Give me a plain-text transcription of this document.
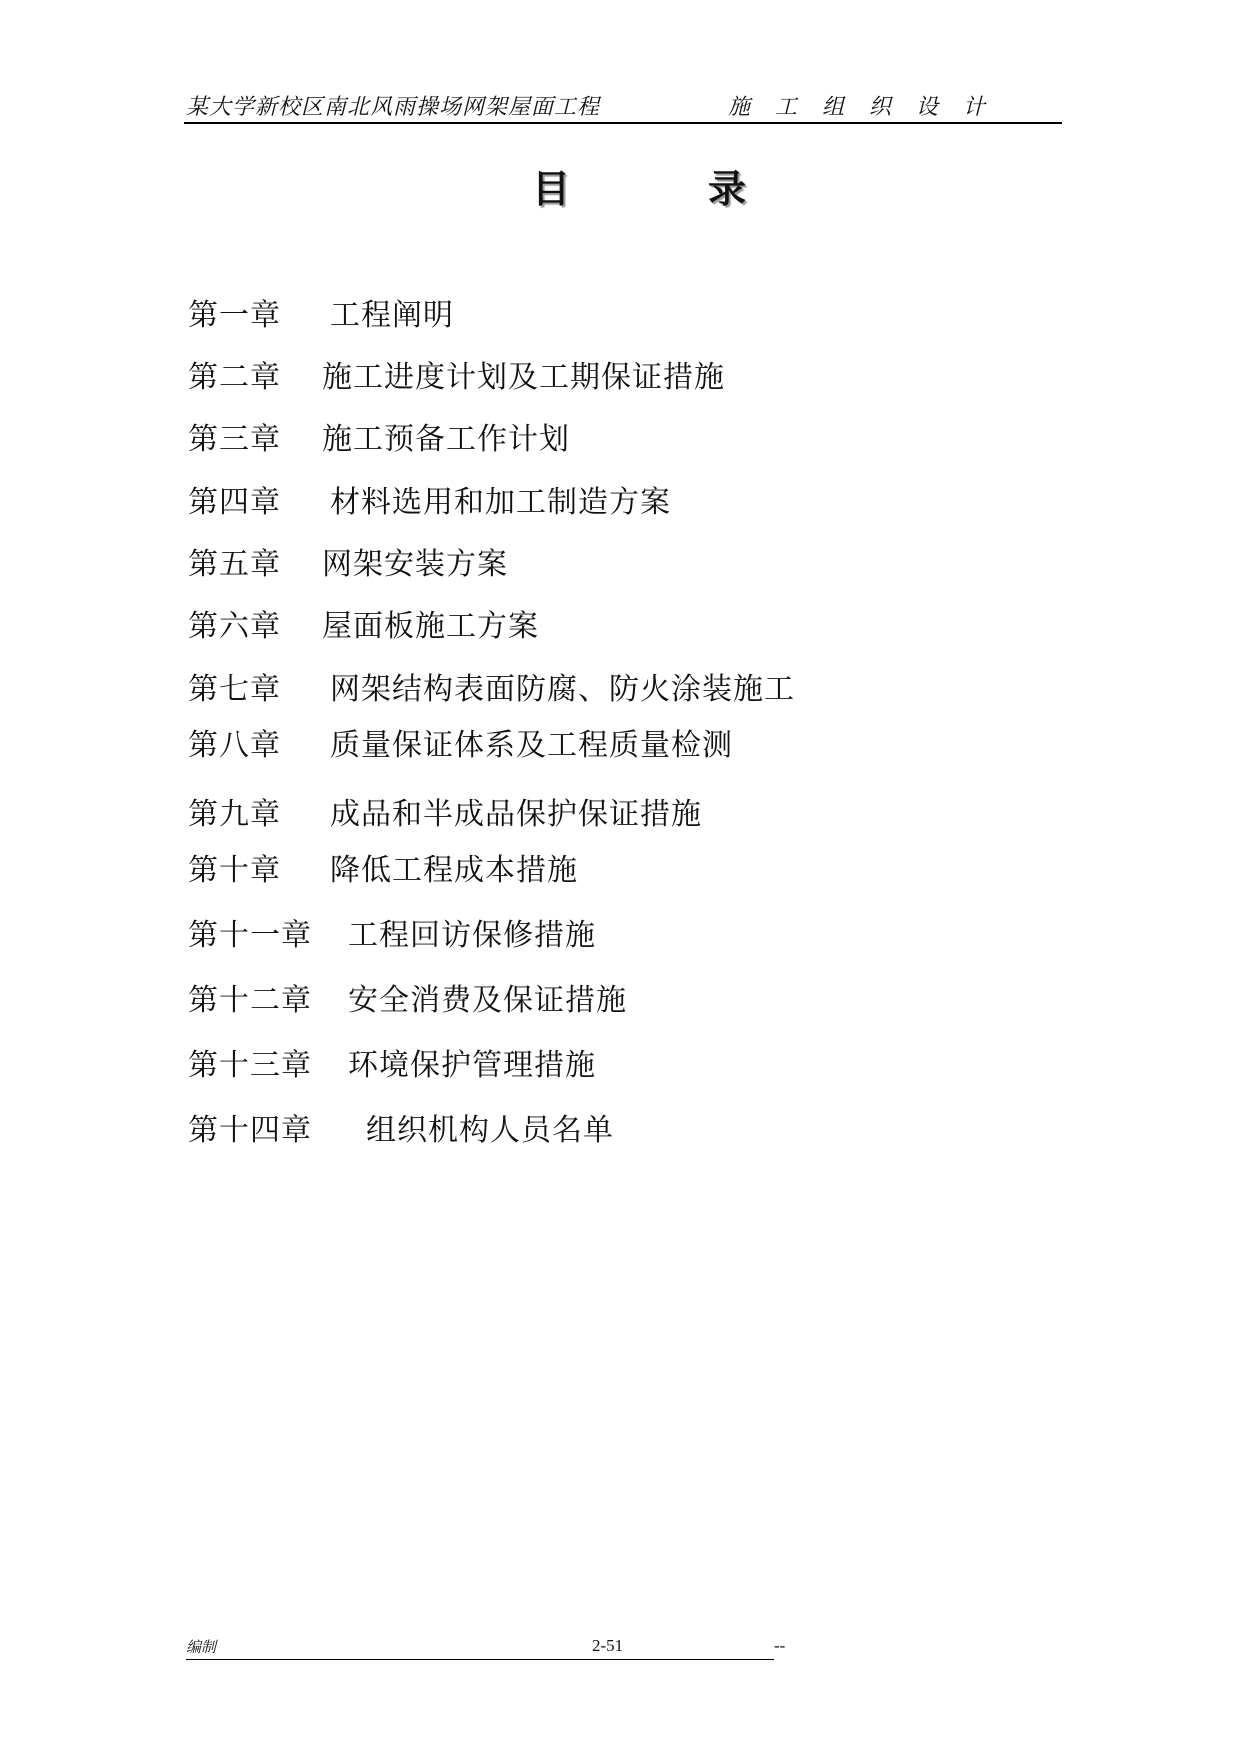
某大学新校区南北风雨操场网架屋面工程	施 工 组 织 设 计
目	录
第一章 工程阐明
第二章 施工进度计划及工期保证措施
第三章 施工预备工作计划
第四章 材料选用和加工制造方案
第五章 网架安装方案
第六章 屋面板施工方案
第七章 网架结构表面防腐、防火涂装施工
第八章 质量保证体系及工程质量检测
第九章 成品和半成品保护保证措施
第十章 降低工程成本措施
第十一章 工程回访保修措施
第十二章 安全消费及保证措施
第十三章 环境保护管理措施
第十四章 组织机构人员名单
编制	2-51	--
